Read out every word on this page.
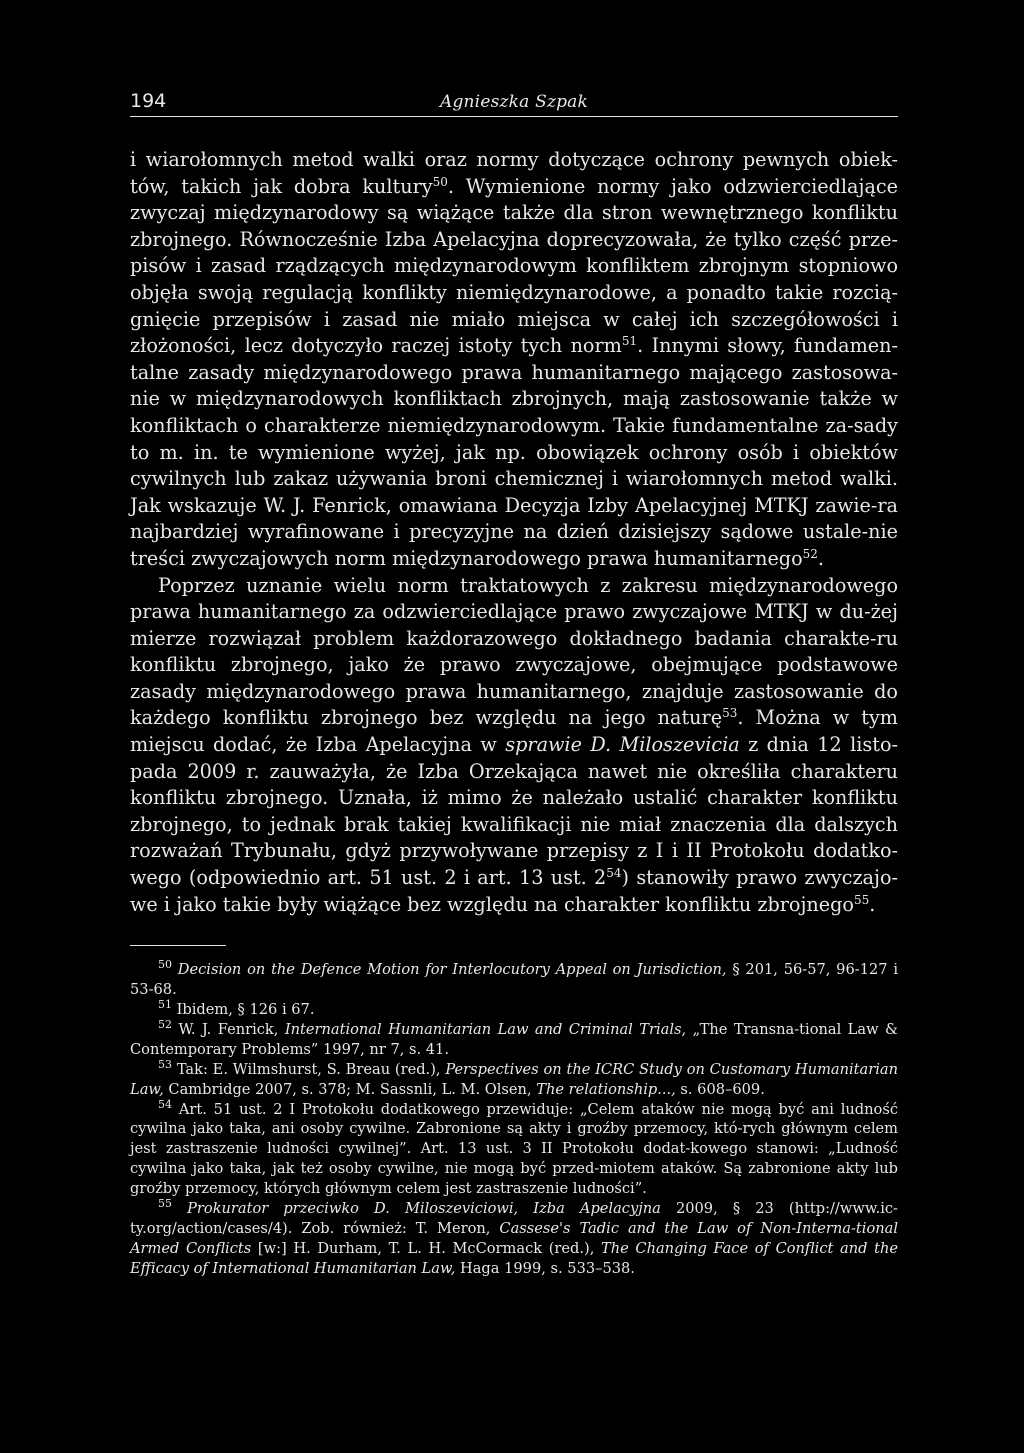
194	Agnieszka Szpak

i wiarołomnych metod walki oraz normy dotyczące ochrony pewnych obiek-tów, takich jak dobra kultury$^{50}$. Wymienione normy jako odzwierciedlające zwyczaj międzynarodowy są wiążące także dla stron wewnętrznego konfliktu zbrojnego. Równocześnie Izba Apelacyjna doprecyzowała, że tylko część prze-pisów i zasad rządzących międzynarodowym konfliktem zbrojnym stopniowo objęła swoją regulacją konflikty niemiędzynarodowe, a ponadto takie rozcią-gnięcie przepisów i zasad nie miało miejsca w całej ich szczegółowości i złożoności, lecz dotyczyło raczej istoty tych norm$^{51}$. Innymi słowy, fundamen-talne zasady międzynarodowego prawa humanitarnego mającego zastosowa-nie w międzynarodowych konfliktach zbrojnych, mają zastosowanie także w konfliktach o charakterze niemiędzynarodowym. Takie fundamentalne za-sady to m. in. te wymienione wyżej, jak np. obowiązek ochrony osób i obiektów cywilnych lub zakaz używania broni chemicznej i wiarołomnych metod walki. Jak wskazuje W. J. Fenrick, omawiana Decyzja Izby Apelacyjnej MTKJ zawie-ra najbardziej wyrafinowane i precyzyjne na dzień dzisiejszy sądowe ustale-nie treści zwyczajowych norm międzynarodowego prawa humanitarnego$^{52}$.

Poprzez uznanie wielu norm traktatowych z zakresu międzynarodowego prawa humanitarnego za odzwierciedlające prawo zwyczajowe MTKJ w du-żej mierze rozwiązał problem każdorazowego dokładnego badania charakte-ru konfliktu zbrojnego, jako że prawo zwyczajowe, obejmujące podstawowe zasady międzynarodowego prawa humanitarnego, znajduje zastosowanie do każdego konfliktu zbrojnego bez względu na jego naturę$^{53}$. Można w tym miejscu dodać, że Izba Apelacyjna w sprawie D. Miloszevicia z dnia 12 listo-pada 2009 r. zauważyła, że Izba Orzekająca nawet nie określiła charakteru konfliktu zbrojnego. Uznała, iż mimo że należało ustalić charakter konfliktu zbrojnego, to jednak brak takiej kwalifikacji nie miał znaczenia dla dalszych rozważań Trybunału, gdyż przywoływane przepisy z I i II Protokołu dodatko-wego (odpowiednio art. 51 ust. 2 i art. 13 ust. $2^{54}$) stanowiły prawo zwyczajo-we i jako takie były wiążące bez względu na charakter konfliktu zbrojnego$^{55}$.

$^{50}$ Decision on the Defence Motion for Interlocutory Appeal on Jurisdiction, § 201, 56-57, 96-127 i 53-68.

$^{51}$ Ibidem, § 126 i 67.

$^{52}$ W. J. Fenrick, International Humanitarian Law and Criminal Trials, „The Transna-tional Law & Contemporary Problems” 1997, nr 7, s. 41.

$^{53}$ Tak: E. Wilmshurst, S. Breau (red.), Perspectives on the ICRC Study on Customary Humanitarian Law, Cambridge 2007, s. 378; M. Sassnli, L. M. Olsen, The relationship..., s. 608–609.

$^{54}$ Art. 51 ust. 2 I Protokołu dodatkowego przewiduje: „Celem ataków nie mogą być ani ludność cywilna jako taka, ani osoby cywilne. Zabronione są akty i groźby przemocy, któ-rych głównym celem jest zastraszenie ludności cywilnej”. Art. 13 ust. 3 II Protokołu dodat-kowego stanowi: „Ludność cywilna jako taka, jak też osoby cywilne, nie mogą być przed-miotem ataków. Są zabronione akty lub groźby przemocy, których głównym celem jest zastraszenie ludności”.

$^{55}$ Prokurator przeciwko D. Miloszeviciowi, Izba Apelacyjna 2009, § 23 (http://www.ic-ty.org/action/cases/4). Zob. również: T. Meron, Cassese's Tadic and the Law of Non-Interna-tional Armed Conflicts [w:] H. Durham, T. L. H. McCormack (red.), The Changing Face of Conflict and the Efficacy of International Humanitarian Law, Haga 1999, s. 533–538.
